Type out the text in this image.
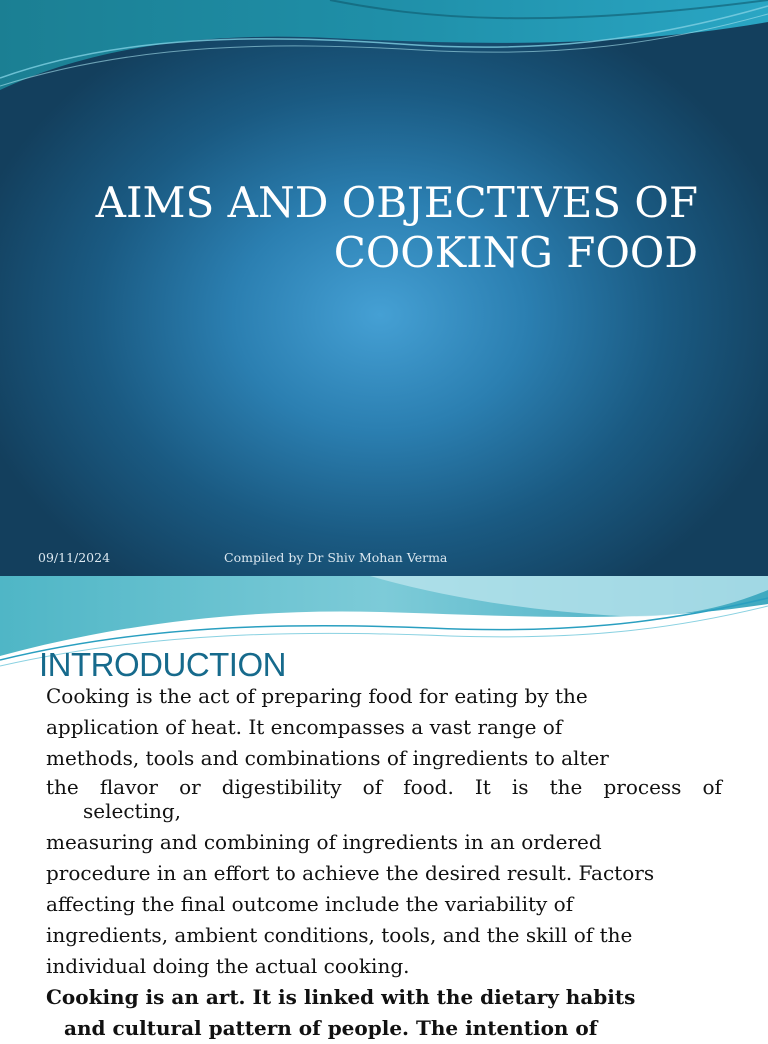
AIMS AND OBJECTIVES OF
COOKING FOOD
09/11/2024	Compiled by Dr Shiv Mohan Verma
INTRODUCTION
Cooking is the act of preparing food for eating by the
application of heat. It encompasses a vast range of
methods, tools and combinations of ingredients to alter
the flavor or digestibility of food. It is the process of
selecting,
measuring and combining of ingredients in an ordered
procedure in an effort to achieve the desired result. Factors
affecting the final outcome include the variability of
ingredients, ambient conditions, tools, and the skill of the
individual doing the actual cooking.
Cooking is an art. It is linked with the dietary habits
and cultural pattern of people. The intention of
